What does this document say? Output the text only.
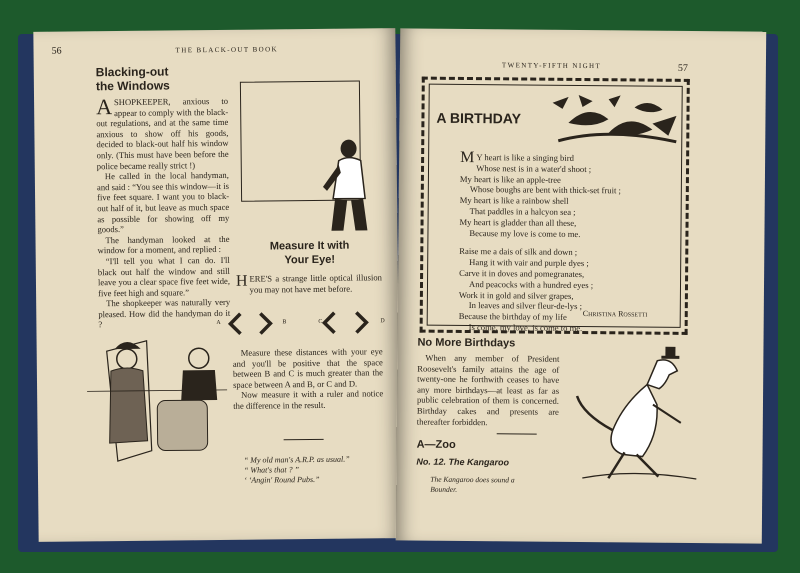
56	THE BLACK-OUT BOOK
Blacking-out
the Windows
A SHOPKEEPER, anxious to appear to comply with the black-out regulations, and at the same time anxious to show off his goods, decided to black-out half his window only. (This must have been before the police became really strict !)
He called in the local handyman, and said : “You see this window—it is five feet square. I want you to black-out half of it, but leave as much space as possible for showing off my goods.”
The handyman looked at the window for a moment, and replied :
“I'll tell you what I can do. I'll black out half the window and still leave you a clear space five feet wide, five feet high and square.”
The shopkeeper was naturally very pleased. How did the handyman do it ?
Measure It with
Your Eye!
H ERE'S a strange little optical illusion you may not have met before.
A	B	C	D
Measure these distances with your eye and you'll be positive that the space between B and C is much greater than the space between A and B, or C and D.
Now measure it with a ruler and notice the difference in the result.
“ My old man's A.R.P. as usual.”
“ What's that ? ”
‘ ‘Angin' Round Pubs.”
TWENTY-FIFTH NIGHT	57
A BIRTHDAY
M Y heart is like a singing bird
Whose nest is in a water'd shoot ;
My heart is like an apple-tree
Whose boughs are bent with thick-set fruit ;
My heart is like a rainbow shell
That paddles in a halcyon sea ;
My heart is gladder than all these,
Because my love is come to me.
Raise me a dais of silk and down ;
Hang it with vair and purple dyes ;
Carve it in doves and pomegranates,
And peacocks with a hundred eyes ;
Work it in gold and silver grapes,
In leaves and silver fleur-de-lys ;
Because the birthday of my life
Is come, my love, is come to me.
Christina Rossetti
No More Birthdays
When any member of President Roosevelt's family attains the age of twenty-one he forthwith ceases to have any more birthdays—at least as far as public celebration of them is concerned. Birthday cakes and presents are thereafter forbidden.
A—Zoo
No. 12. The Kangaroo
The Kangaroo does sound a
Bounder.
